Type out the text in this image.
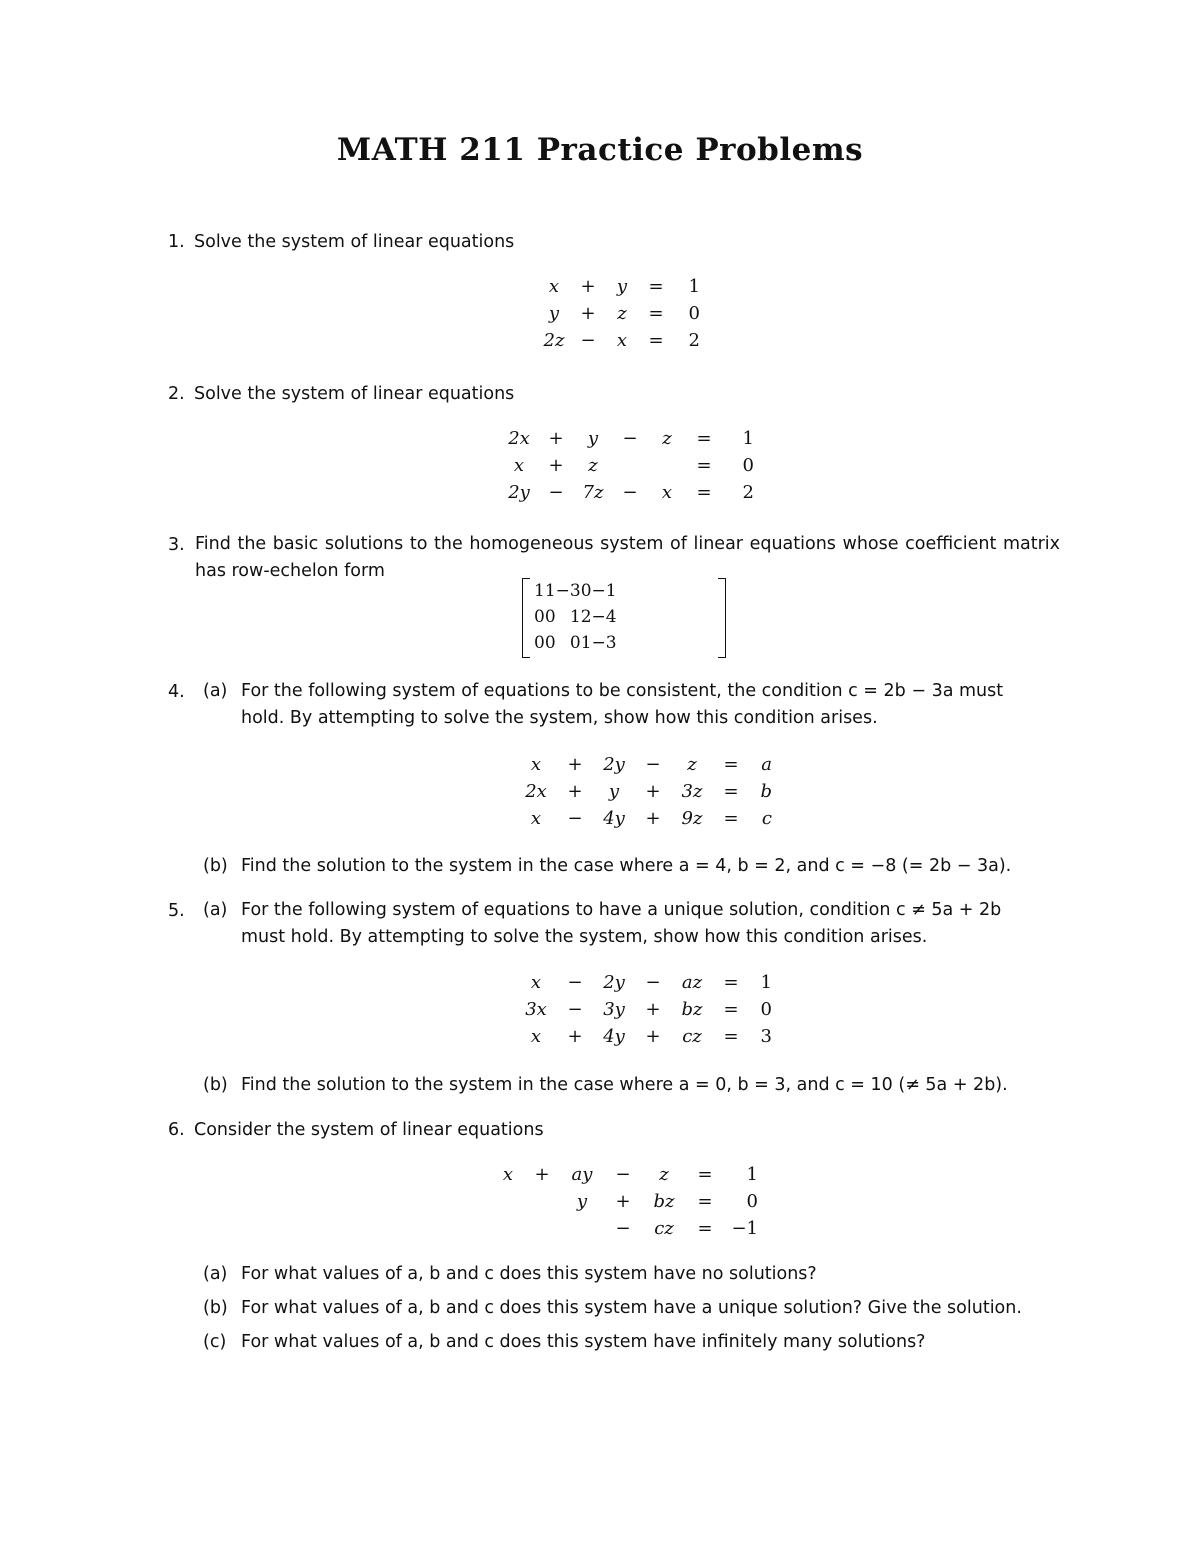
MATH 211 Practice Problems
1. Solve the system of linear equations
x	+	y	=	1
y	+	z	=	0
2z	−	x	=	2
2. Solve the system of linear equations
2x	+	y	−	z	=	1
x	+	z			=	0
2y	−	7z	−	x	=	2
3. Find the basic solutions to the homogeneous system of linear equations whose coefficient matrix has row-echelon form
1	1	−3	0	−1
0	0	1	2	−4
0	0	0	1	−3
4.	(a) For the following system of equations to be consistent, the condition c = 2b − 3a must
hold. By attempting to solve the system, show how this condition arises.
x	+	2y	−	z	=	a
2x	+	y	+	3z	=	b
x	−	4y	+	9z	=	c
(b) Find the solution to the system in the case where a = 4, b = 2, and c = −8 (= 2b − 3a).
5.	(a) For the following system of equations to have a unique solution, condition c ≠ 5a + 2b
must hold. By attempting to solve the system, show how this condition arises.
x	−	2y	−	az	=	1
3x	−	3y	+	bz	=	0
x	+	4y	+	cz	=	3
(b) Find the solution to the system in the case where a = 0, b = 3, and c = 10 (≠ 5a + 2b).
6. Consider the system of linear equations
x	+	ay	−	z	=	1
		y	+	bz	=	0
			−	cz	=	−1
(a) For what values of a, b and c does this system have no solutions?
(b) For what values of a, b and c does this system have a unique solution? Give the solution.
(c) For what values of a, b and c does this system have infinitely many solutions?
